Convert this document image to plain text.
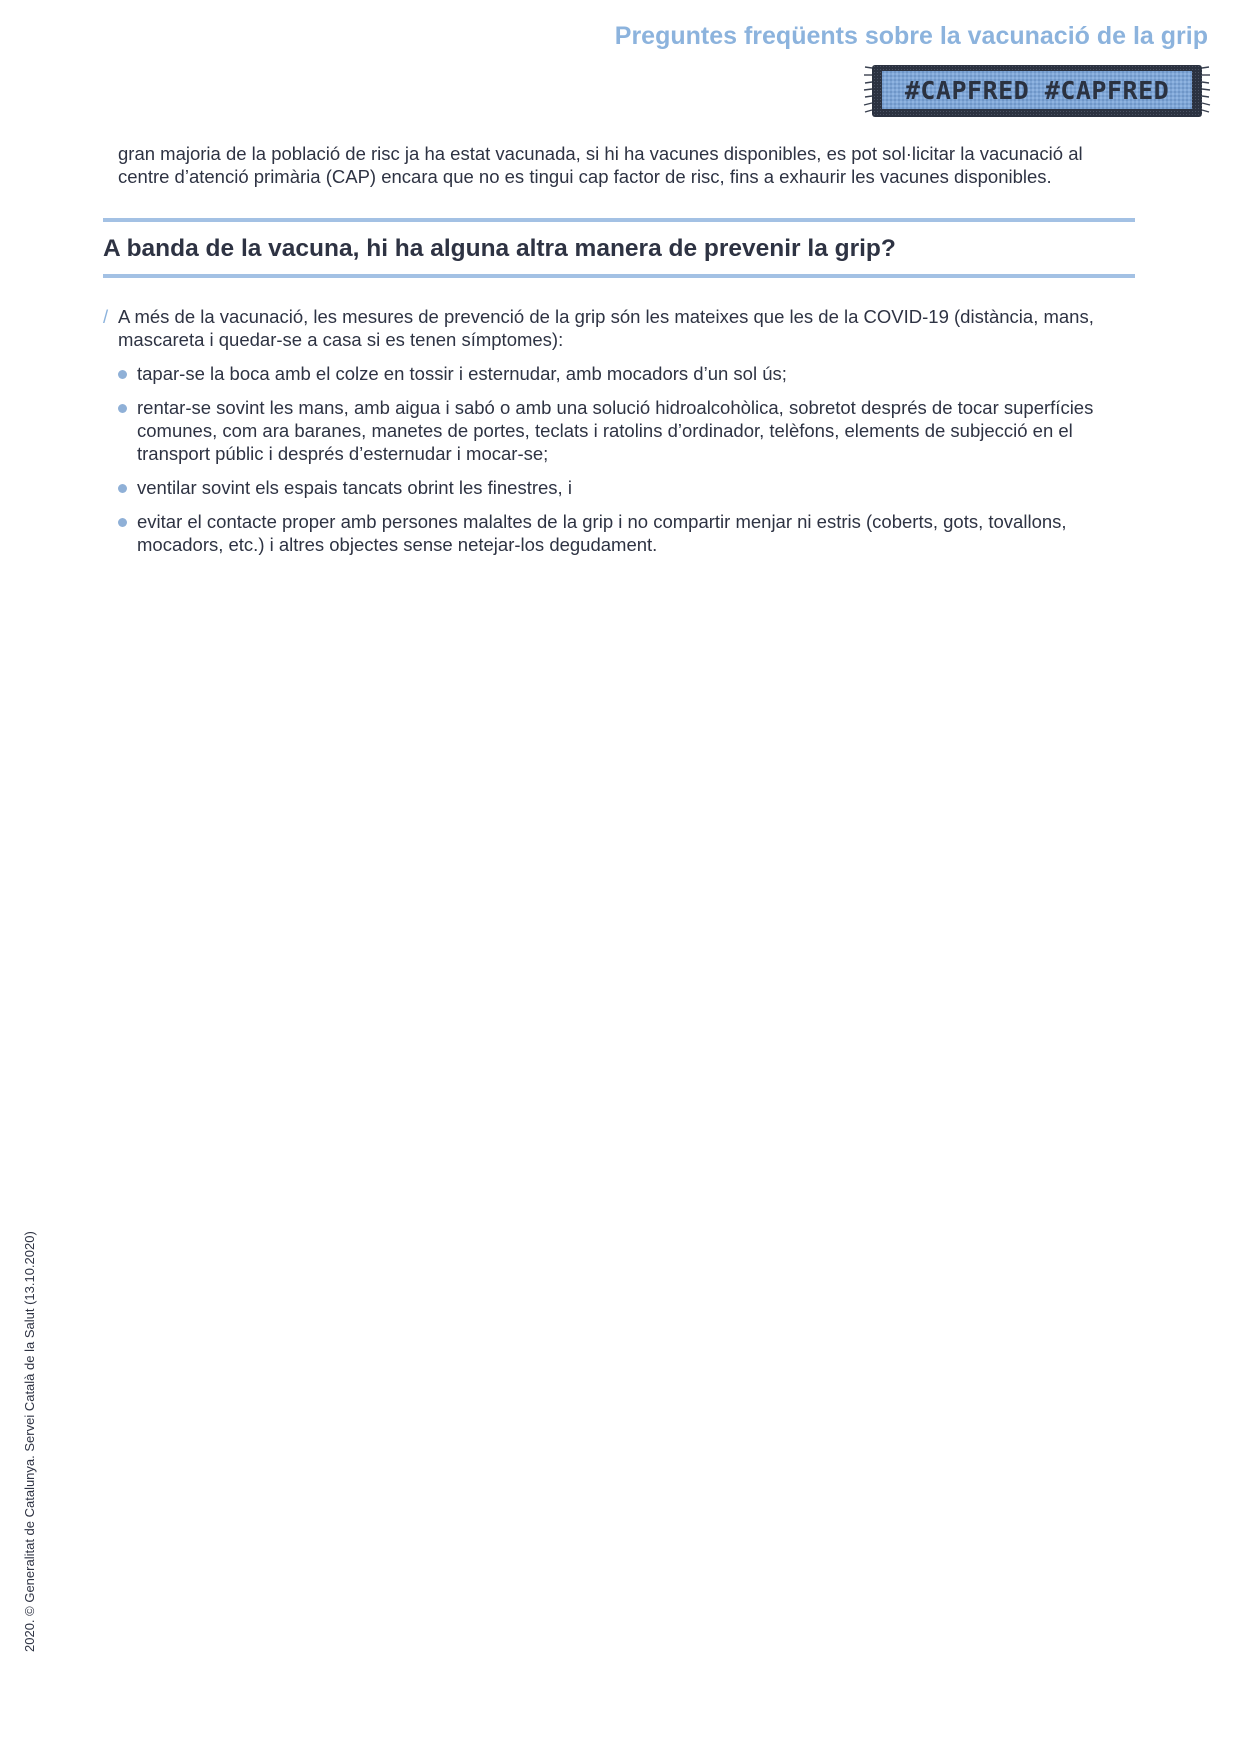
Preguntes freqüents sobre la vacunació de la grip
#CAPFRED #CAPFRED
gran majoria de la població de risc ja ha estat vacunada, si hi ha vacunes disponibles, es pot sol·licitar la vacunació al centre d’atenció primària (CAP) encara que no es tingui cap factor de risc, fins a exhaurir les vacunes disponibles.
A banda de la vacuna, hi ha alguna altra manera de prevenir la grip?
/ A més de la vacunació, les mesures de prevenció de la grip són les mateixes que les de la COVID-19 (distància, mans, mascareta i quedar-se a casa si es tenen símptomes):
tapar-se la boca amb el colze en tossir i esternudar, amb mocadors d’un sol ús;
rentar-se sovint les mans, amb aigua i sabó o amb una solució hidroalcohòlica, sobretot després de tocar superfícies comunes, com ara baranes, manetes de portes, teclats i ratolins d’ordinador, telèfons, elements de subjecció en el transport públic i després d’esternudar i mocar-se;
ventilar sovint els espais tancats obrint les finestres, i
evitar el contacte proper amb persones malaltes de la grip i no compartir menjar ni estris (coberts, gots, tovallons, mocadors, etc.) i altres objectes sense netejar-los degudament.
2020. © Generalitat de Catalunya. Servei Català de la Salut (13.10.2020)
